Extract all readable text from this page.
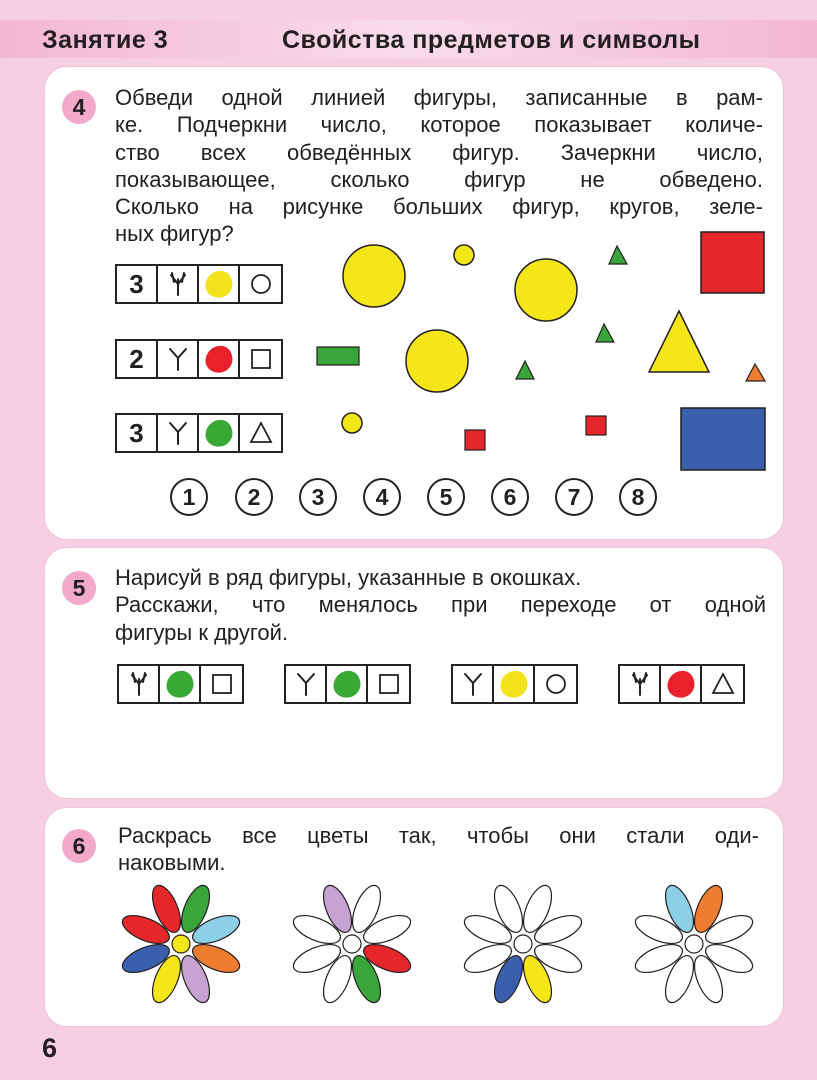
Занятие 3	Свойства предметов и символы
4	Обведи одной линией фигуры, записанные в рам-
ке. Подчеркни число, которое показывает количе-
ство всех обведённых фигур. Зачеркни число,
показывающее, сколько фигур не обведено.
Сколько на рисунке больших фигур, кругов, зеле-
ных фигур?
3
2
3
1	2	3	4	5	6	7	8
5	Нарисуй в ряд фигуры, указанные в окошках.
Расскажи, что менялось при переходе от одной
фигуры к другой.
6	Раскрась все цветы так, чтобы они стали оди-
наковыми.
6
